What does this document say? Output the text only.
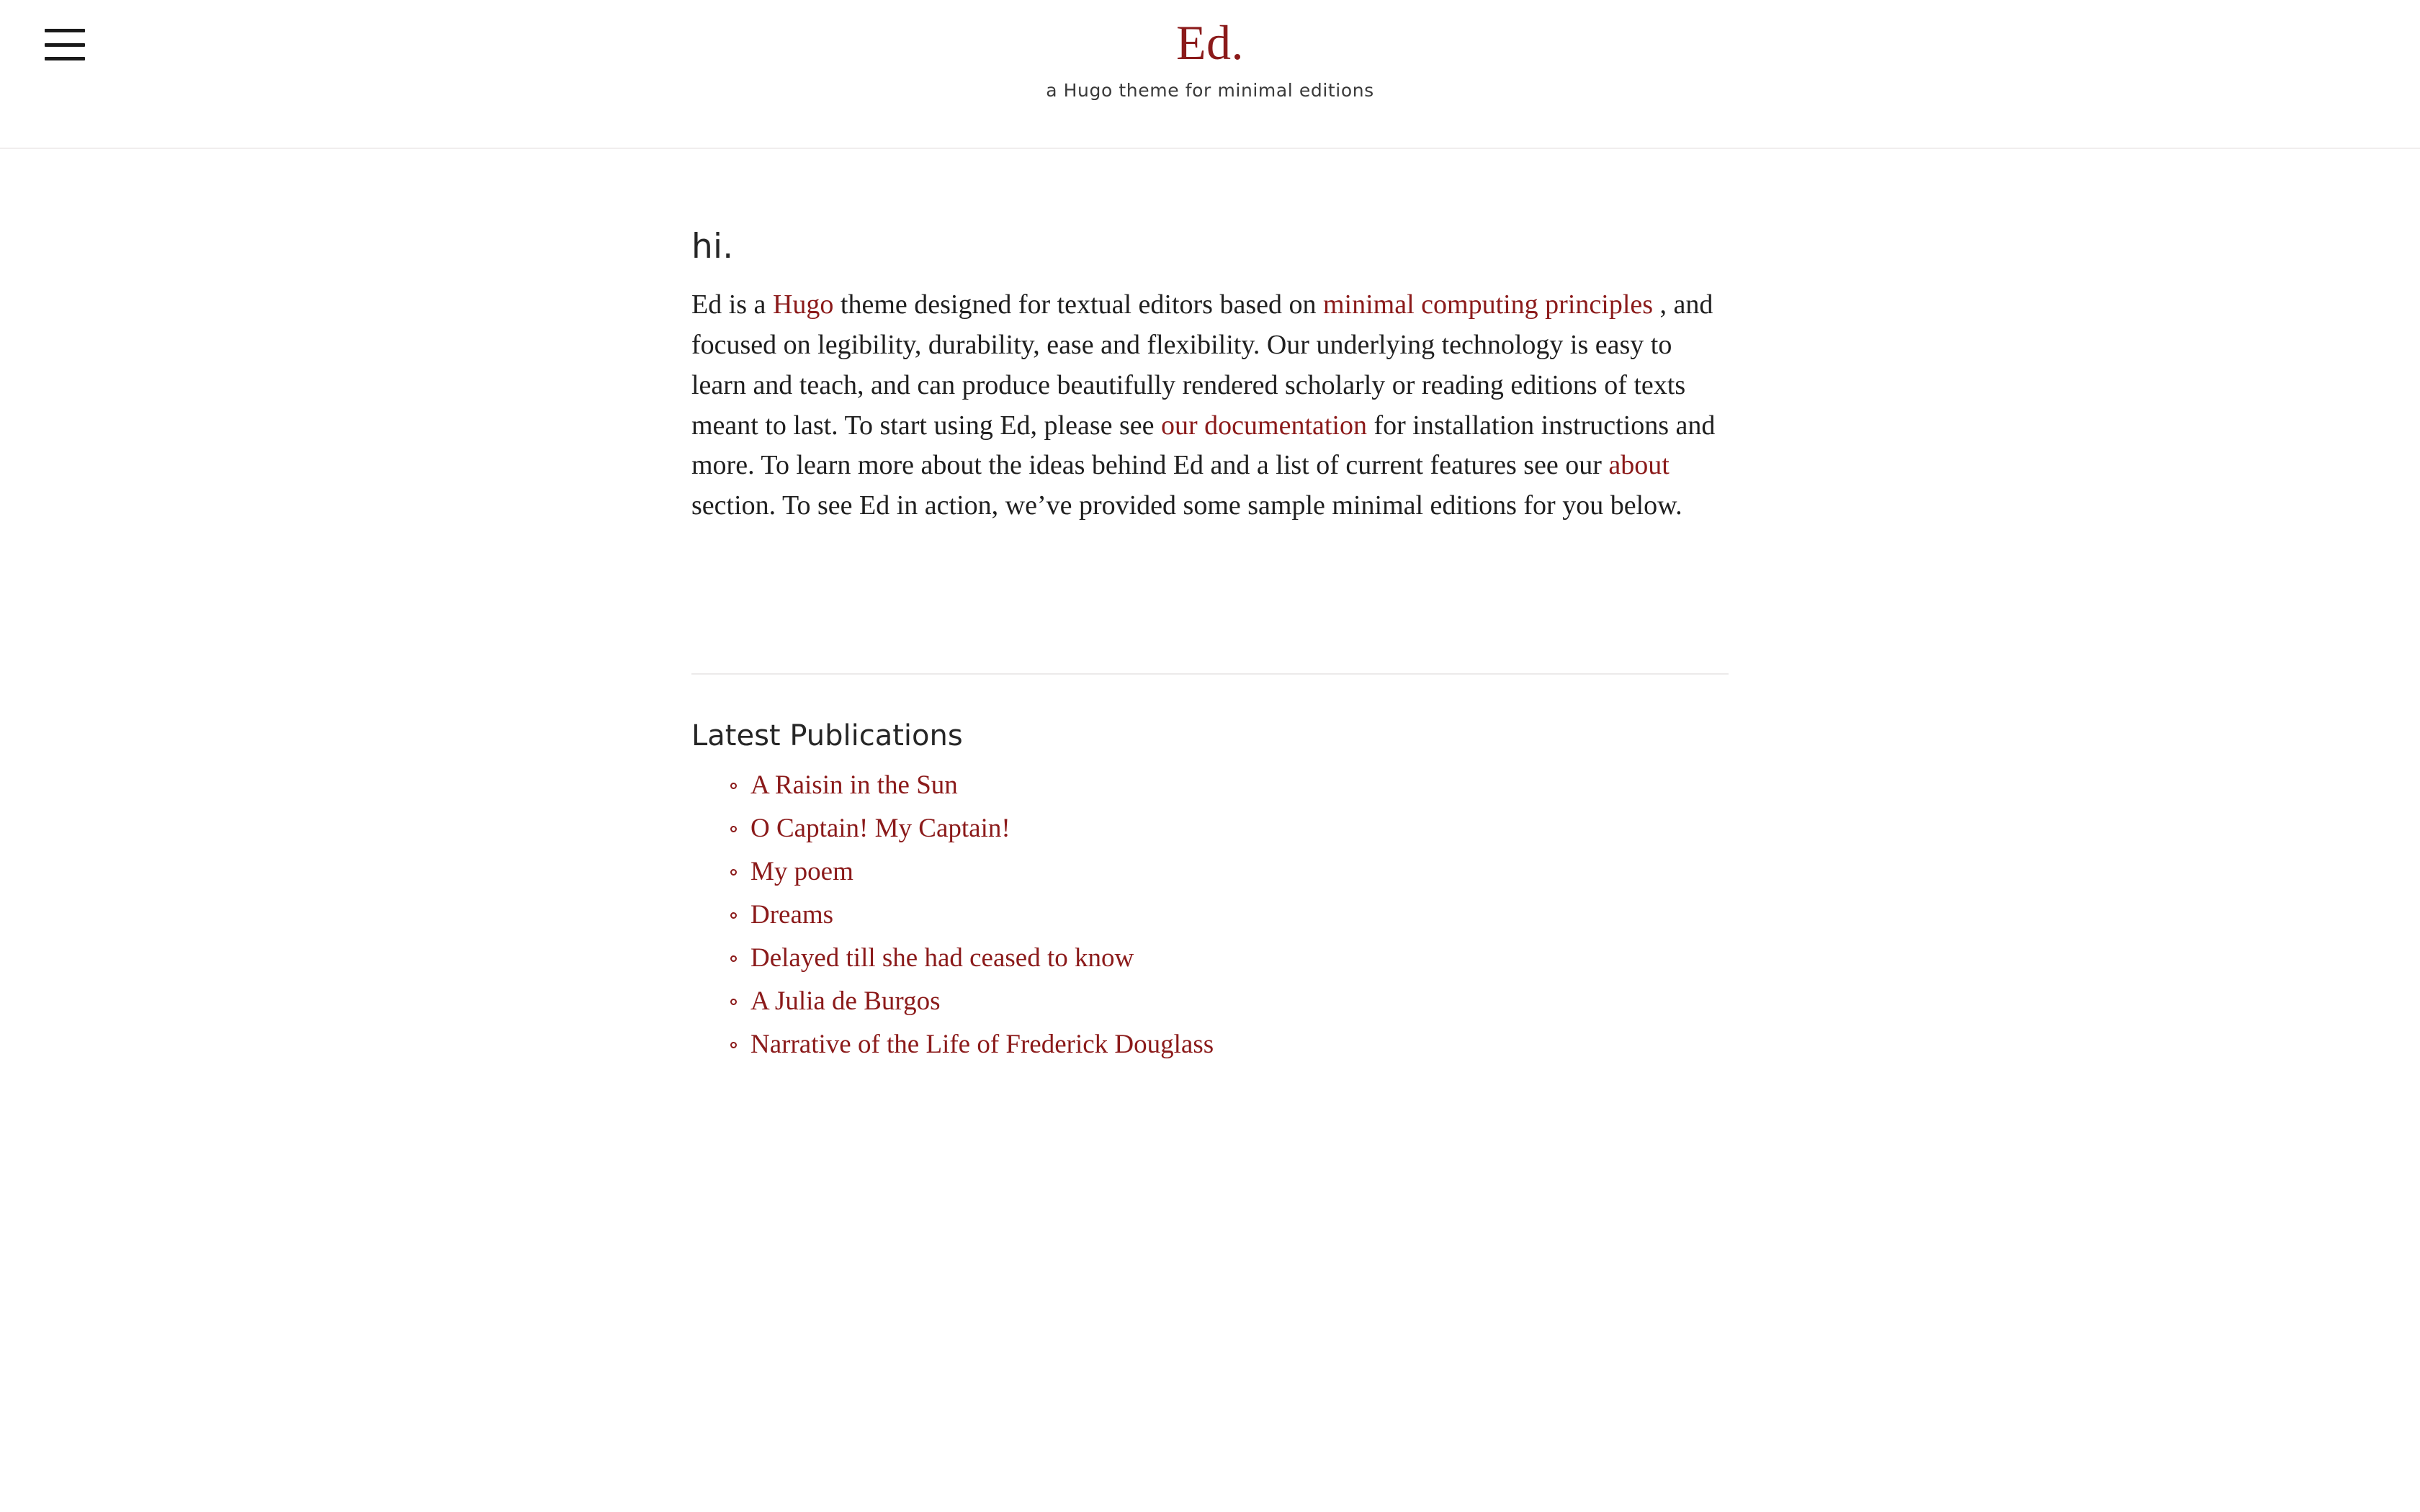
Ed.

a Hugo theme for minimal editions

hi.

Ed is a Hugo theme designed for textual editors based on minimal computing principles , and focused on legibility, durability, ease and flexibility. Our underlying technology is easy to learn and teach, and can produce beautifully rendered scholarly or reading editions of texts meant to last. To start using Ed, please see our documentation for installation instructions and more. To learn more about the ideas behind Ed and a list of current features see our about section. To see Ed in action, we’ve provided some sample minimal editions for you below.

Latest Publications
A Raisin in the Sun
O Captain! My Captain!
My poem
Dreams
Delayed till she had ceased to know
A Julia de Burgos
Narrative of the Life of Frederick Douglass
